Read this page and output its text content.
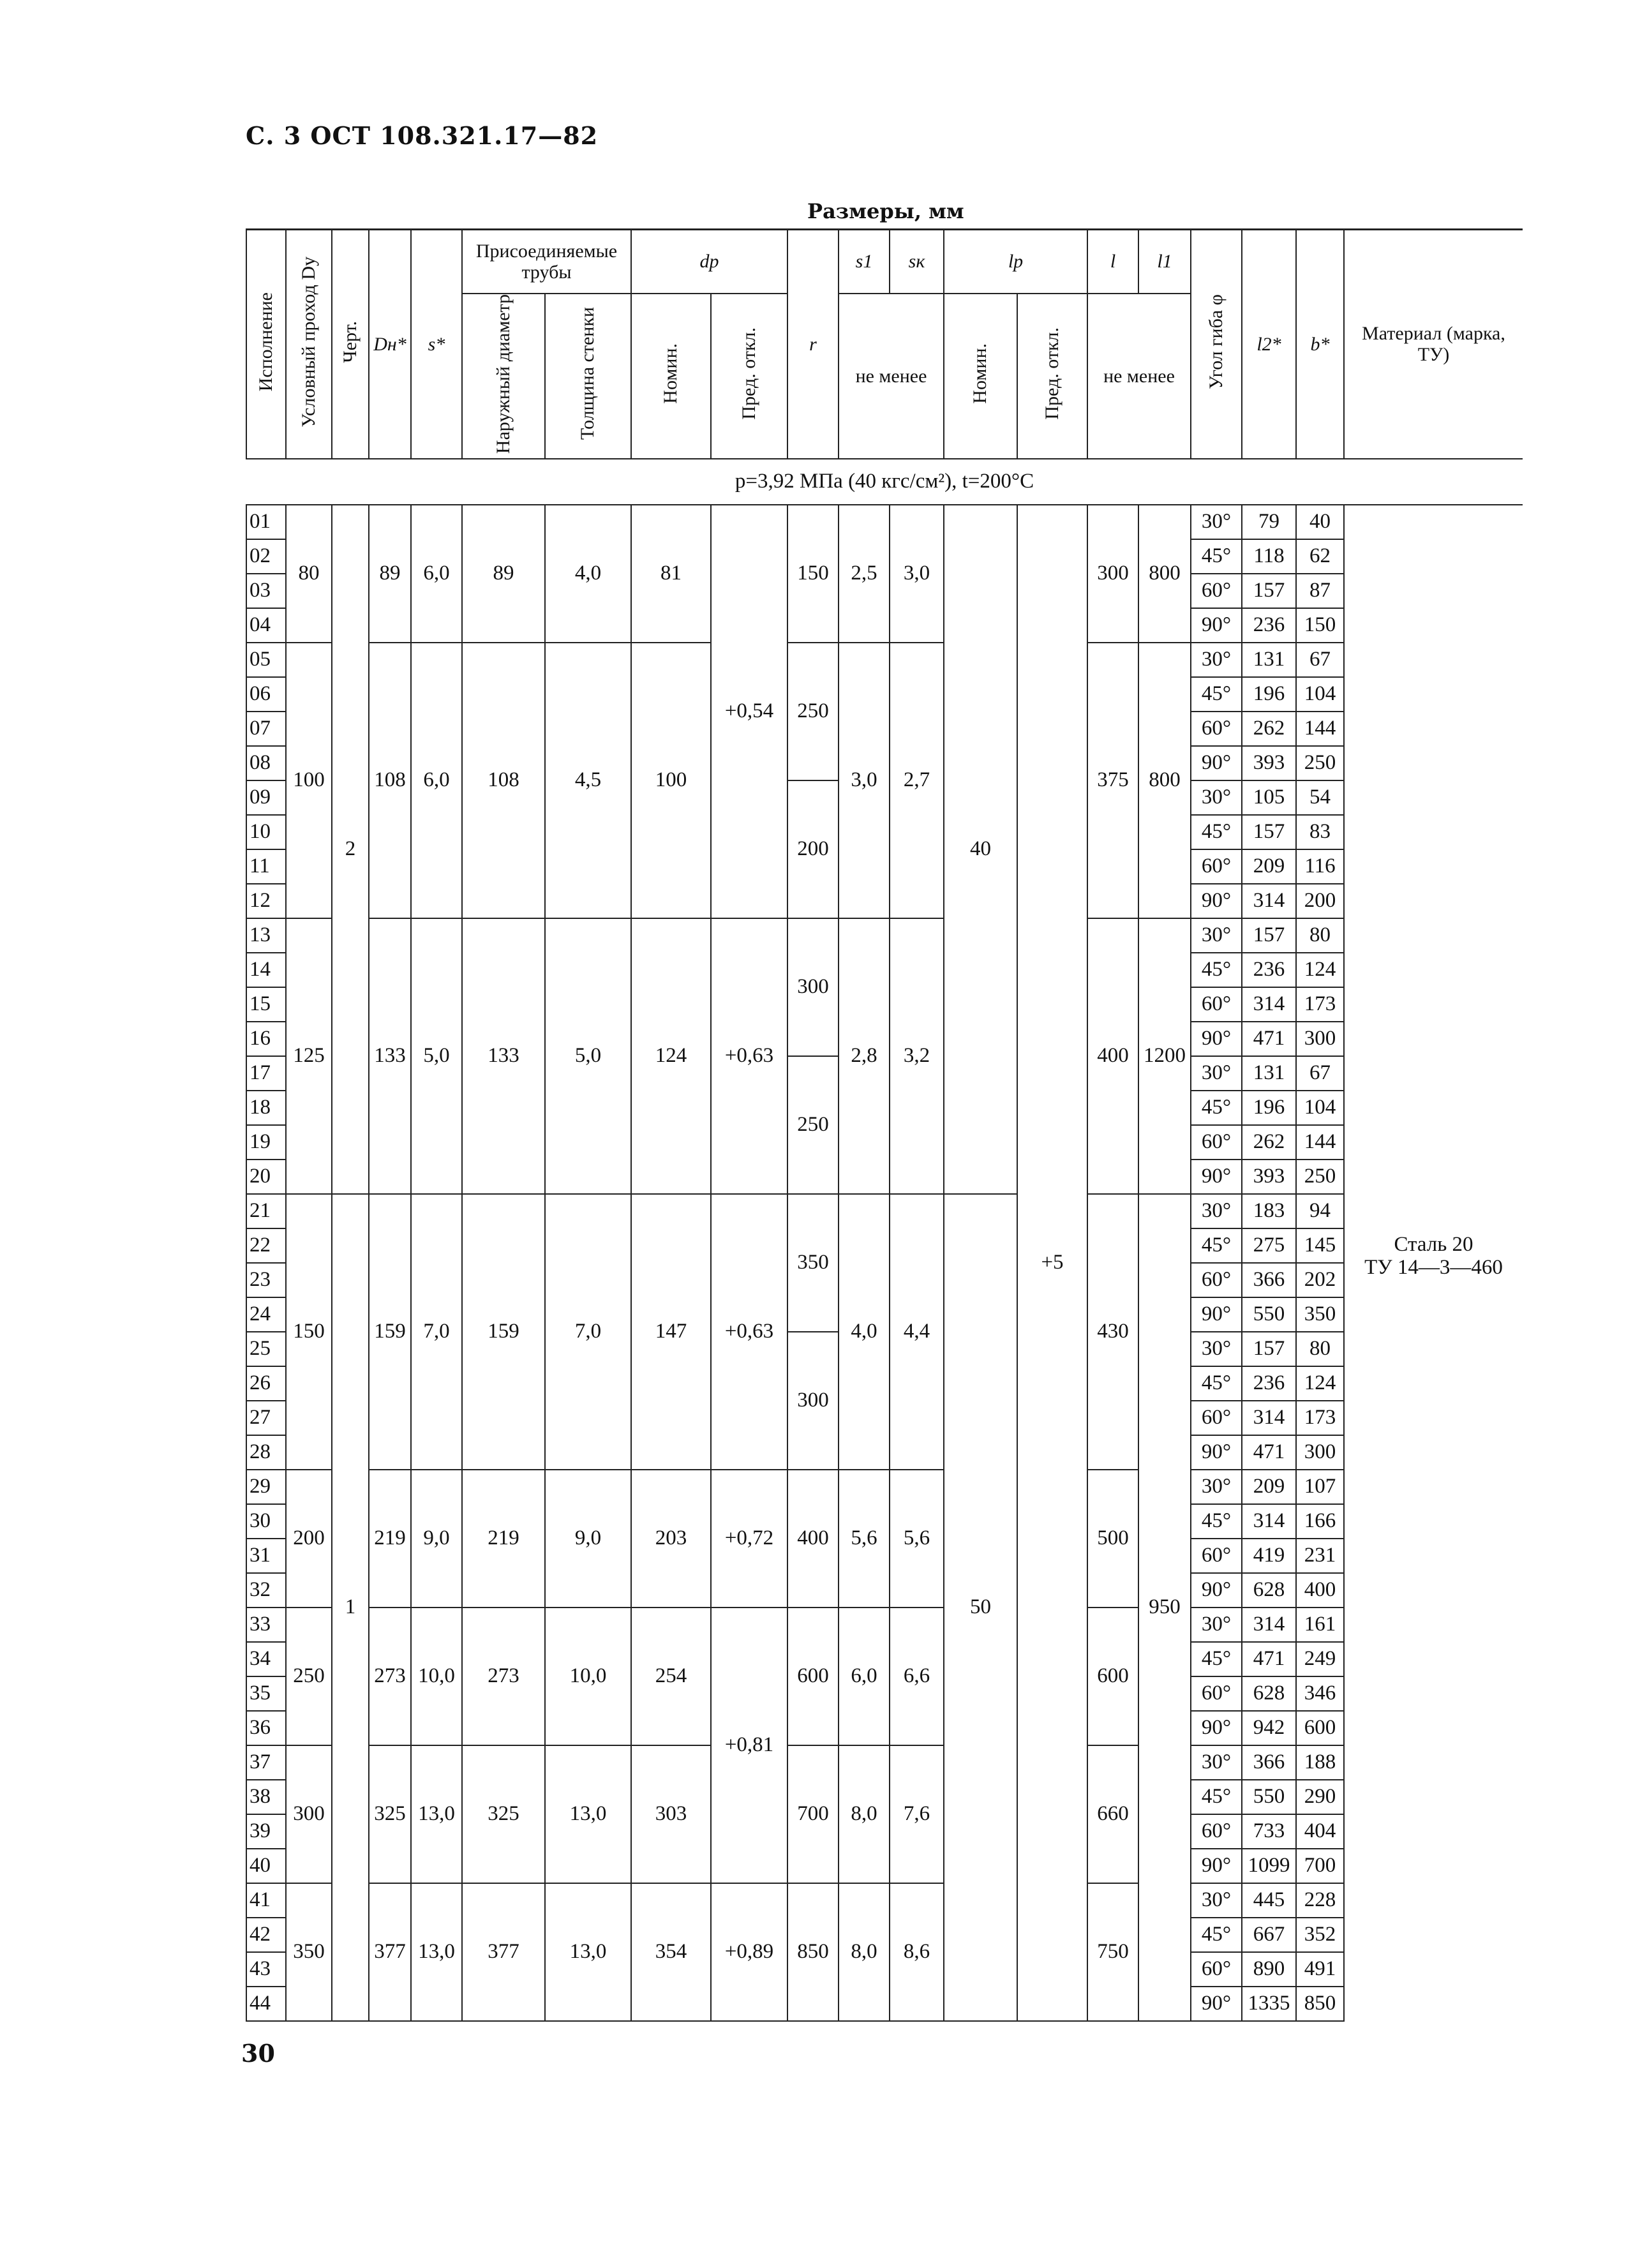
С. 3 ОСТ 108.321.17—82
Размеры, мм
Исполнение	Условный проход Dу	Черт.	Dн*	s*	Присоединяемые трубы		dр		r	s1	sк	lр		l	l1	Угол гиба φ	l2*	b*	Материал (марка, ТУ)
					Наружный диаметр	Толщина стенки	Номин.	Пред. откл.		не менее		Номин.	Пред. откл.	не менее					
p=3,92 МПа (40 кгс/см²), t=200°С																			
01	80	2	89	6,0	89	4,0	81	+0,54	150	2,5	3,0	40	+5	300	800	30°	79	40	Сталь 20
ТУ 14—3—460

02																45°	118	62	
03																60°	157	87	
04																90°	236	150	
05	100		108	6,0	108	4,5	100		250	3,0	2,7			375	800	30°	131	67	
06																45°	196	104	
07																60°	262	144	
08																90°	393	250	
09									200							30°	105	54	
10																45°	157	83	
11																60°	209	116	
12																90°	314	200	
13	125		133	5,0	133	5,0	124	+0,63	300	2,8	3,2			400	1200	30°	157	80	
14																45°	236	124	
15																60°	314	173	
16																90°	471	300	
17									250							30°	131	67	
18																45°	196	104	
19																60°	262	144	
20																90°	393	250	
21	150	1	159	7,0	159	7,0	147	+0,63	350	4,0	4,4	50		430	950	30°	183	94	
22																45°	275	145	
23																60°	366	202	
24																90°	550	350	
25									300							30°	157	80	
26																45°	236	124	
27																60°	314	173	
28																90°	471	300	
29	200		219	9,0	219	9,0	203	+0,72	400	5,6	5,6			500		30°	209	107	
30																45°	314	166	
31																60°	419	231	
32																90°	628	400	
33	250		273	10,0	273	10,0	254	+0,81	600	6,0	6,6			600		30°	314	161	
34																45°	471	249	
35																60°	628	346	
36																90°	942	600	
37	300		325	13,0	325	13,0	303		700	8,0	7,6			660		30°	366	188	
38																45°	550	290	
39																60°	733	404	
40																90°	1099	700	
41	350		377	13,0	377	13,0	354	+0,89	850	8,0	8,6			750		30°	445	228	
42																45°	667	352	
43																60°	890	491	
44																90°	1335	850	
30
